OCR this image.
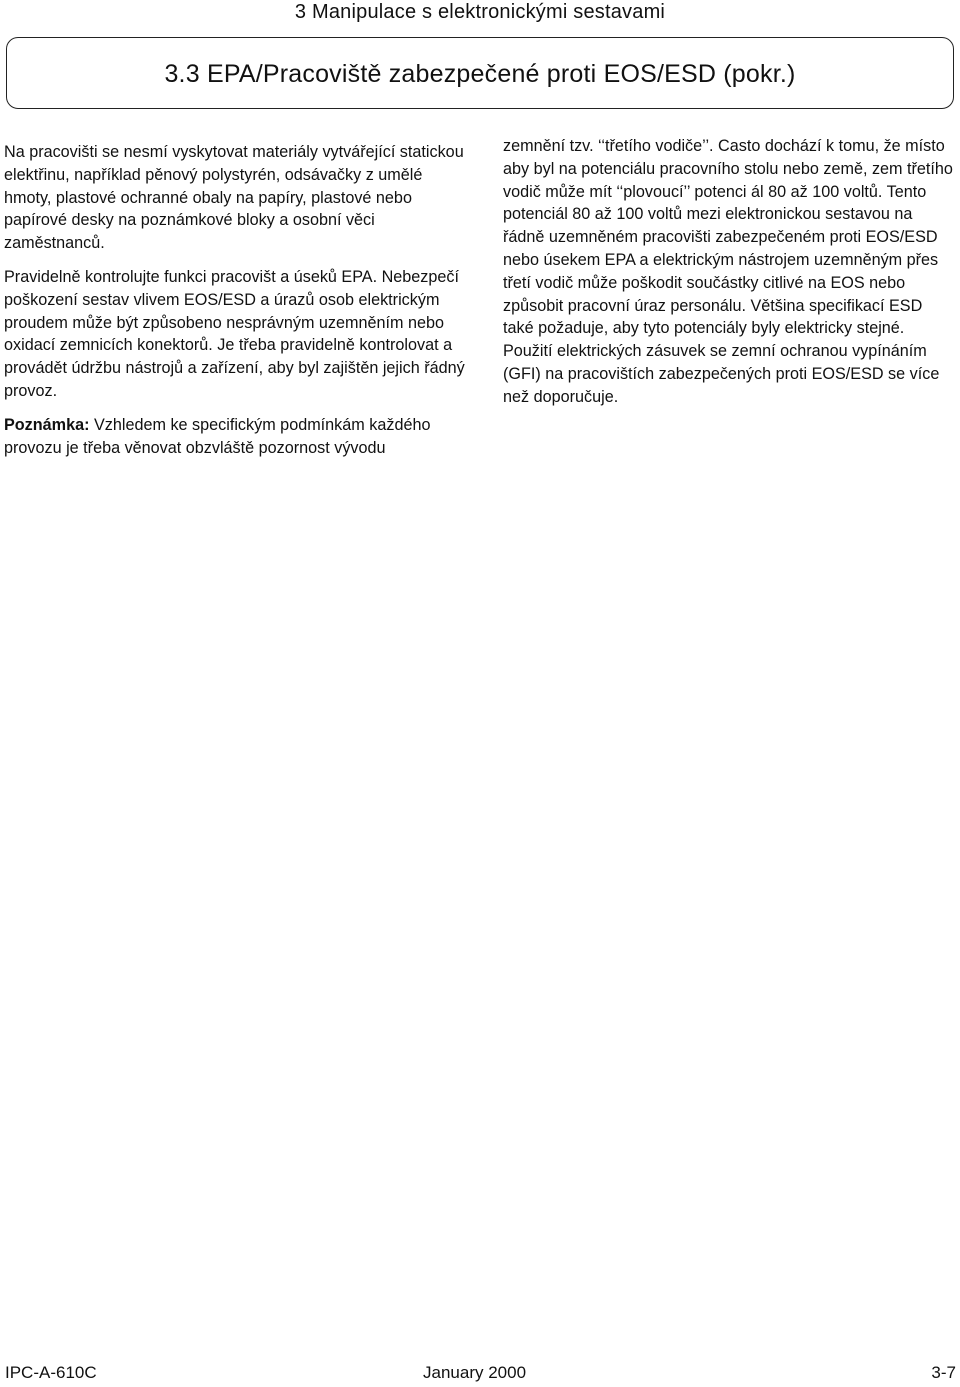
3 Manipulace s elektronickými sestavami
3.3 EPA/Pracoviště zabezpečené proti EOS/ESD (pokr.)

Na pracovišti se nesmí vyskytovat materiály vytvářející statickou elektřinu, například pěnový polystyrén, odsávačky z umělé hmoty, plastové ochranné obaly na papíry, plastové nebo papírové desky na poznámkové bloky a osobní věci zaměstnanců.

Pravidelně kontrolujte funkci pracovišt a úseků EPA. Nebezpečí poškození sestav vlivem EOS/ESD a úrazů osob elektrickým proudem může být způsobeno nesprávným uzemněním nebo oxidací zemnicích konektorů. Je třeba pravidelně kontrolovat a provádět údržbu nástrojů a zařízení, aby byl zajištěn jejich řádný provoz.

Poznámka: Vzhledem ke specifickým podmínkám každého provozu je třeba věnovat obzvláště pozornost vývodu

zemnění tzv. ‘‘třetího vodiče’’. Casto dochází k tomu, že místo aby byl na potenciálu pracovního stolu nebo země, zem třetího vodič může mít ‘‘plovoucí’’ potenci ál 80 až 100 voltů. Tento potenciál 80 až 100 voltů mezi elektronickou sestavou na řádně uzemněném pracovišti zabezpečeném proti EOS/ESD nebo úsekem EPA a elektrickým nástrojem uzemněným přes třetí vodič může poškodit součástky citlivé na EOS nebo způsobit pracovní úraz personálu. Většina specifikací ESD také požaduje, aby tyto potenciály byly elektricky stejné. Použití elektrických zásuvek se zemní ochranou vypínáním (GFI) na pracovištích zabezpečených proti EOS/ESD se více než doporučuje.

IPC-A-610C	January 2000	3-7
